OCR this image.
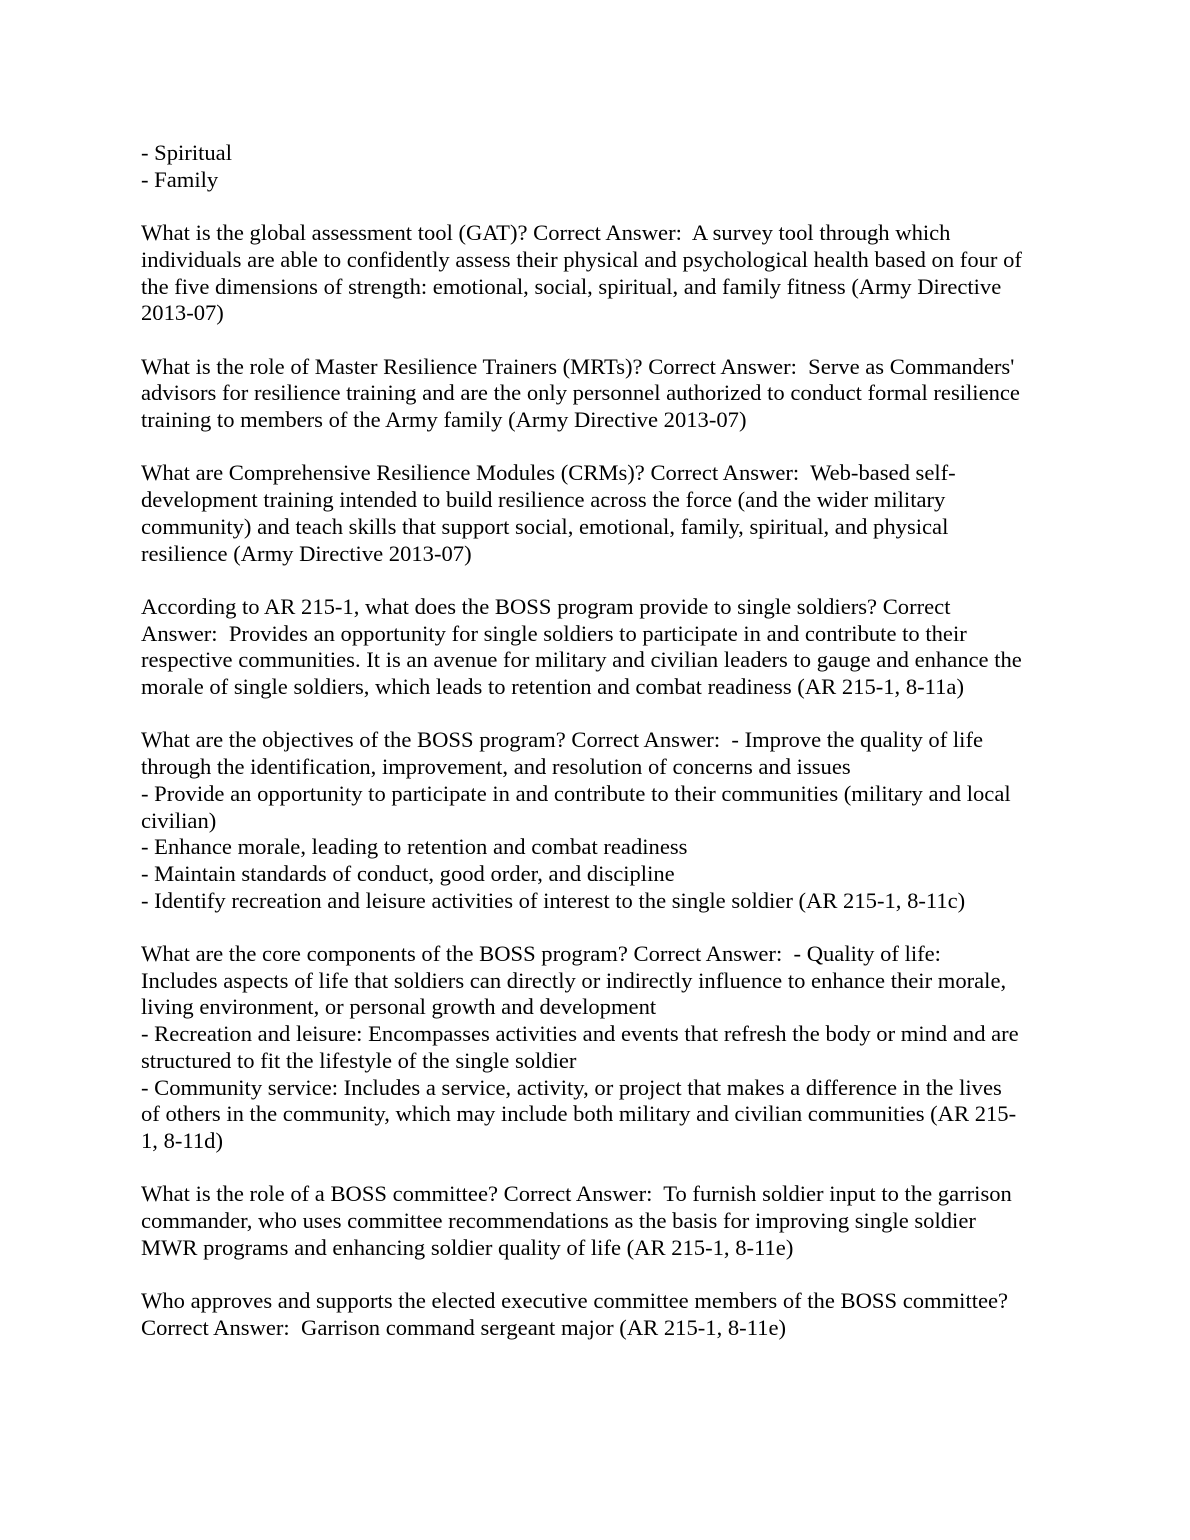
- Spiritual
- Family
What is the global assessment tool (GAT)? Correct Answer:  A survey tool through which
individuals are able to confidently assess their physical and psychological health based on four of
the five dimensions of strength: emotional, social, spiritual, and family fitness (Army Directive
2013-07)
What is the role of Master Resilience Trainers (MRTs)? Correct Answer:  Serve as Commanders'
advisors for resilience training and are the only personnel authorized to conduct formal resilience
training to members of the Army family (Army Directive 2013-07)
What are Comprehensive Resilience Modules (CRMs)? Correct Answer:  Web-based self-
development training intended to build resilience across the force (and the wider military
community) and teach skills that support social, emotional, family, spiritual, and physical
resilience (Army Directive 2013-07)
According to AR 215-1, what does the BOSS program provide to single soldiers? Correct
Answer:  Provides an opportunity for single soldiers to participate in and contribute to their
respective communities. It is an avenue for military and civilian leaders to gauge and enhance the
morale of single soldiers, which leads to retention and combat readiness (AR 215-1, 8-11a)
What are the objectives of the BOSS program? Correct Answer:  - Improve the quality of life
through the identification, improvement, and resolution of concerns and issues
- Provide an opportunity to participate in and contribute to their communities (military and local
civilian)
- Enhance morale, leading to retention and combat readiness
- Maintain standards of conduct, good order, and discipline
- Identify recreation and leisure activities of interest to the single soldier (AR 215-1, 8-11c)
What are the core components of the BOSS program? Correct Answer:  - Quality of life:
Includes aspects of life that soldiers can directly or indirectly influence to enhance their morale,
living environment, or personal growth and development
- Recreation and leisure: Encompasses activities and events that refresh the body or mind and are
structured to fit the lifestyle of the single soldier
- Community service: Includes a service, activity, or project that makes a difference in the lives
of others in the community, which may include both military and civilian communities (AR 215-
1, 8-11d)
What is the role of a BOSS committee? Correct Answer:  To furnish soldier input to the garrison
commander, who uses committee recommendations as the basis for improving single soldier
MWR programs and enhancing soldier quality of life (AR 215-1, 8-11e)
Who approves and supports the elected executive committee members of the BOSS committee?
Correct Answer:  Garrison command sergeant major (AR 215-1, 8-11e)
